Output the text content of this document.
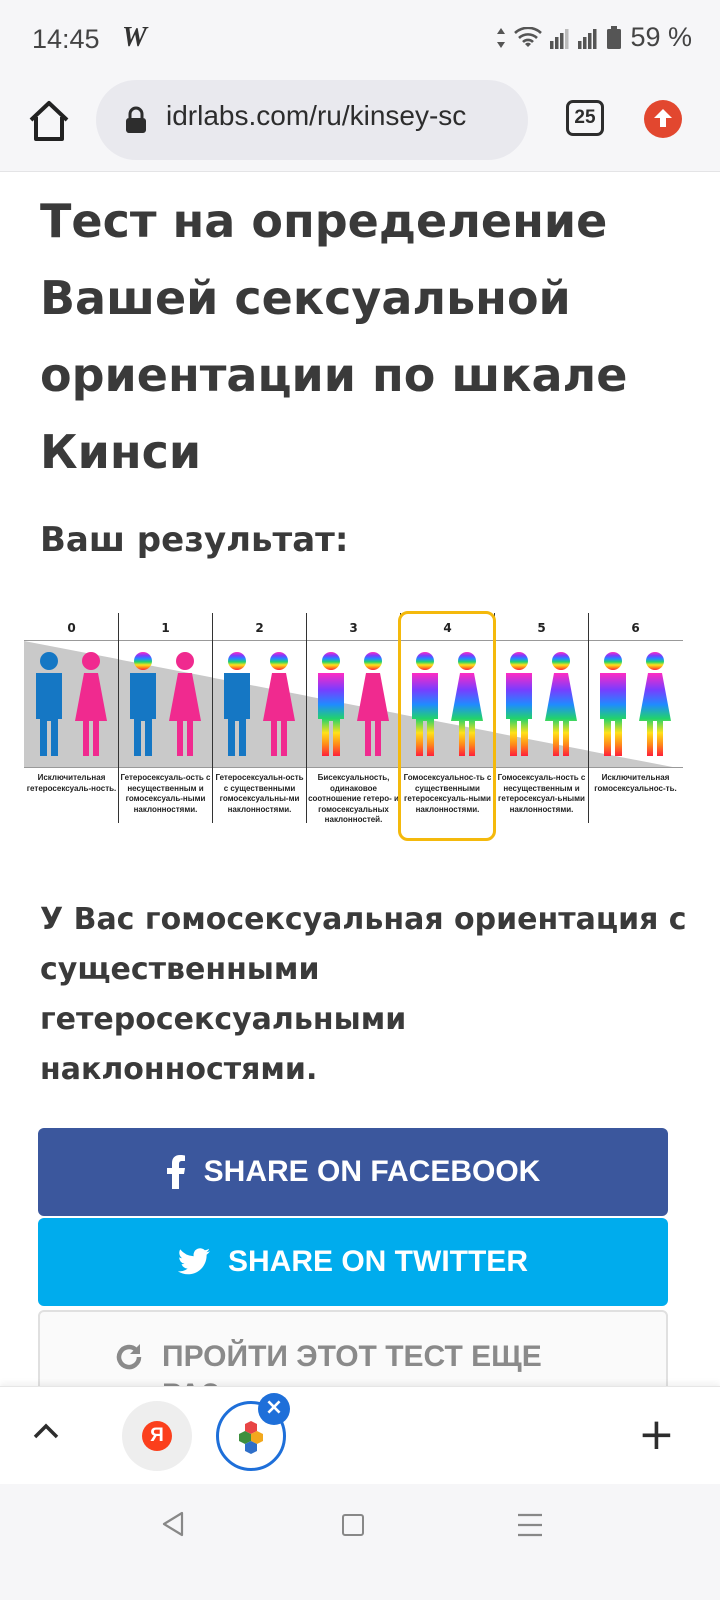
14:45 W	59 %
idrlabs.com/ru/kinsey-sc	25
Тест на определение Вашей сексуальной ориентации по шкале Кинси
Ваш результат:
0
Исключительная гетеросексуаль-ность.
1
Гетеросексуаль-ость с несущественным и гомосексуаль-ными наклонностями.
2
Гетеросексуальн-ость с существенными гомосексуальны-ми наклонностями.
3
Бисексуальность, одинаковое соотношение гетеро- и гомосексуальных наклонностей.
4
Гомосексуальнос-ть с существенными гетеросексуаль-ными наклонностями.
5
Гомосексуаль-ность с несущественным и гетеросексуал-ьными наклонностями.
6
Исключительная гомосексуальнос-ть.
У Вас гомосексуальная ориентация с существенными гетеросексуальными наклонностями.
SHARE ON FACEBOOK
SHARE ON TWITTER
ПРОЙТИ ЭТОТ ТЕСТ ЕЩЕ
Я
×
+
